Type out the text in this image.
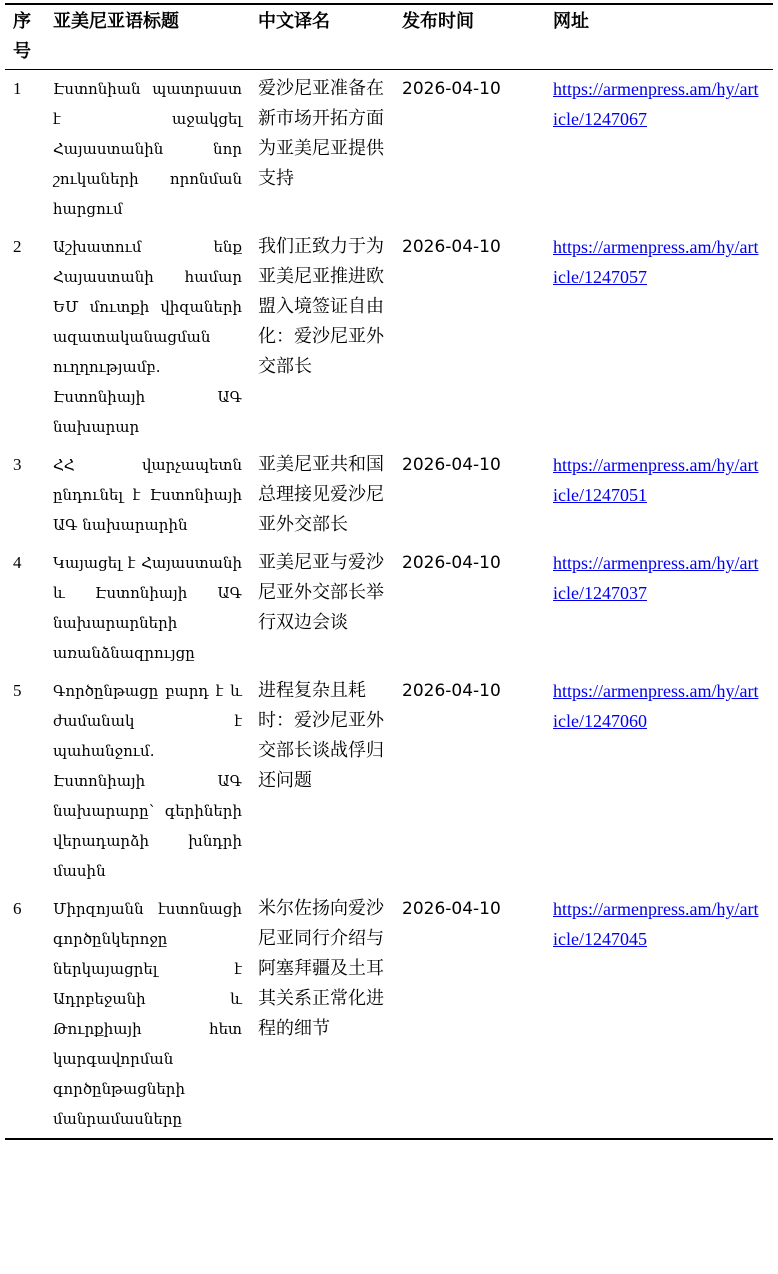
序号	亚美尼亚语标题	中文译名	发布时间	网址
1	Էստոնիան պատրաստ է աջակցել Հայաստանին նոր շուկաների որոնման հարցում	爱沙尼亚准备在新市场开拓方面为亚美尼亚提供支持	2026-04-10	https://armenpress.am/hy/article/1247067
2	Աշխատում ենք Հայաստանի համար ԵՄ մուտքի վիզաների ազատականացման ուղղությամբ. Էստոնիայի ԱԳ նախարար	我们正致力于为亚美尼亚推进欧盟入境签证自由化：爱沙尼亚外交部长	2026-04-10	https://armenpress.am/hy/article/1247057
3	ՀՀ վարչապետն ընդունել է Էստոնիայի ԱԳ նախարարին	亚美尼亚共和国总理接见爱沙尼亚外交部长	2026-04-10	https://armenpress.am/hy/article/1247051
4	Կայացել է Հայաստանի և Էստոնիայի ԱԳ նախարարների առանձնազրույցը	亚美尼亚与爱沙尼亚外交部长举行双边会谈	2026-04-10	https://armenpress.am/hy/article/1247037
5	Գործընթացը բարդ է և ժամանակ է պահանջում. Էստոնիայի ԱԳ նախարարը` գերիների վերադարձի խնդրի մասին	进程复杂且耗时：爱沙尼亚外交部长谈战俘归还问题	2026-04-10	https://armenpress.am/hy/article/1247060
6	Միրզոյանն էստոնացի գործընկերոջը ներկայացրել է Ադրբեջանի և Թուրքիայի հետ կարգավորման գործընթացների մանրամասները	米尔佐扬向爱沙尼亚同行介绍与阿塞拜疆及土耳其关系正常化进程的细节	2026-04-10	https://armenpress.am/hy/article/1247045
